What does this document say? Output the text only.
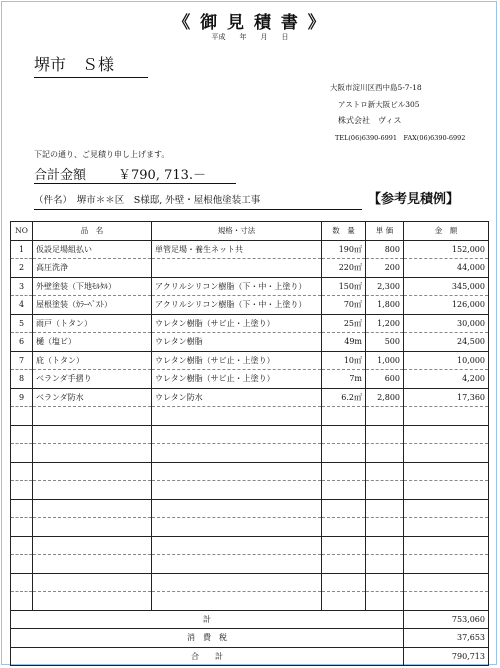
《 御 見 積 書 》
平成　　年　　月　　日
堺市　Ｓ様
大阪市淀川区西中島5-7-18
アストロ新大阪ビル305
株式会社　ヴィス
TEL(06)6390-6991　FAX(06)6390-6992
下記の通り、ご見積り申し上げます。
合計金額 ￥790, 713.－
（件名）　堺市＊＊区　S様邸, 外壁・屋根他塗装工事	【参考見積例】
NO	品　名	規格・寸法	数　量	単 価	金　額
1	仮設足場組払い	単管足場・養生ネット共	190㎡	800	152,000
2	高圧洗浄		220㎡	200	44,000
3	外壁塗装（下地ﾓﾙﾀﾙ）	アクリルシリコン樹脂（下・中・上塗り）	150㎡	2,300	345,000
4	屋根塗装（ｶﾗｰﾍﾞｽﾄ）	アクリルシリコン樹脂（下・中・上塗り）	70㎡	1,800	126,000
5	雨戸（トタン）	ウレタン樹脂（サビ止・上塗り）	25㎡	1,200	30,000
6	樋（塩ビ）	ウレタン樹脂	49m	500	24,500
7	庇（トタン）	ウレタン樹脂（サビ止・上塗り）	10㎡	1,000	10,000
8	ベランダ手摺り	ウレタン樹脂（サビ止・上塗り）	7m	600	4,200
9	ベランダ防水	ウレタン防水	6.2㎡	2,800	17,360

計					753,060
消　費　税					37,653
合　　計					790,713
